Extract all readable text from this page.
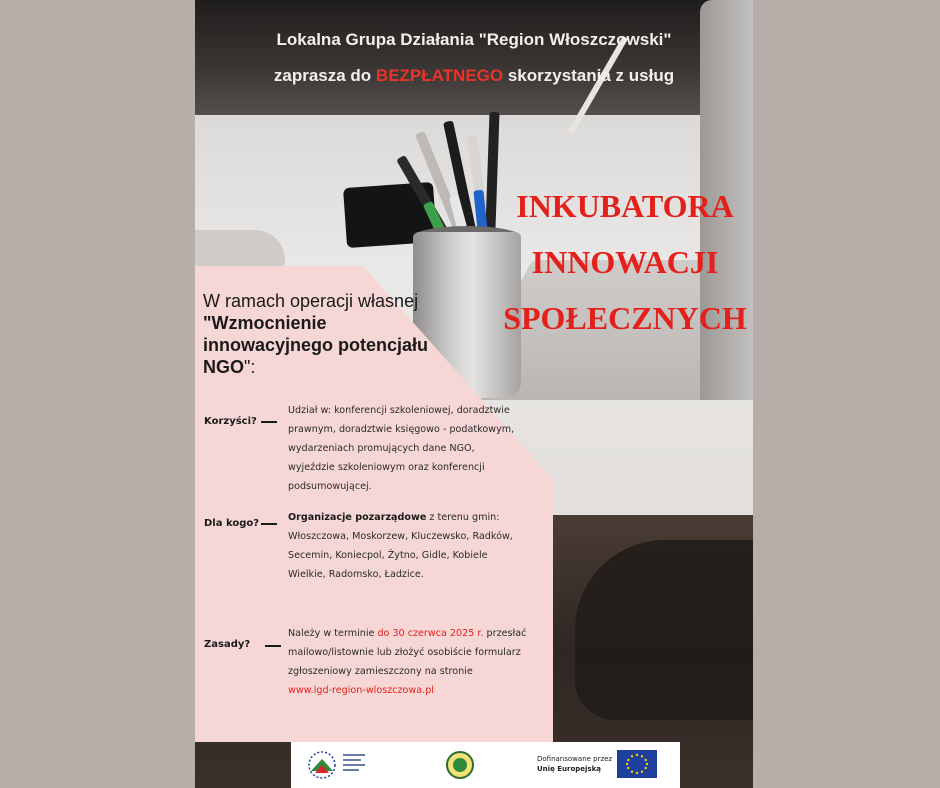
Lokalna Grupa Działania "Region Włoszczowski"
zaprasza do BEZPŁATNEGO skorzystania z usług
INKUBATORA
INNOWACJI
SPOŁECZNYCH
W ramach operacji własnej "Wzmocnienie innowacyjnego potencjału NGO":
Korzyści?
Udział w: konferencji szkoleniowej, doradztwie prawnym, doradztwie księgowo - podatkowym, wydarzeniach promujących dane NGO, wyjeździe szkoleniowym oraz konferencji podsumowującej.
Dla kogo?
Organizacje pozarządowe z terenu gmin: Włoszczowa, Moskorzew, Kluczewsko, Radków, Secemin, Koniecpol, Żytno, Gidle, Kobiele Wielkie, Radomsko, Ładzice.
Zasady?
Należy w terminie do 30 czerwca 2025 r. przesłać mailowo/listownie lub złożyć osobiście formularz zgłoszeniowy zamieszczony na stronie
www.lgd-region-wloszczowa.pl
Dofinansowane przez
Unię Europejską
